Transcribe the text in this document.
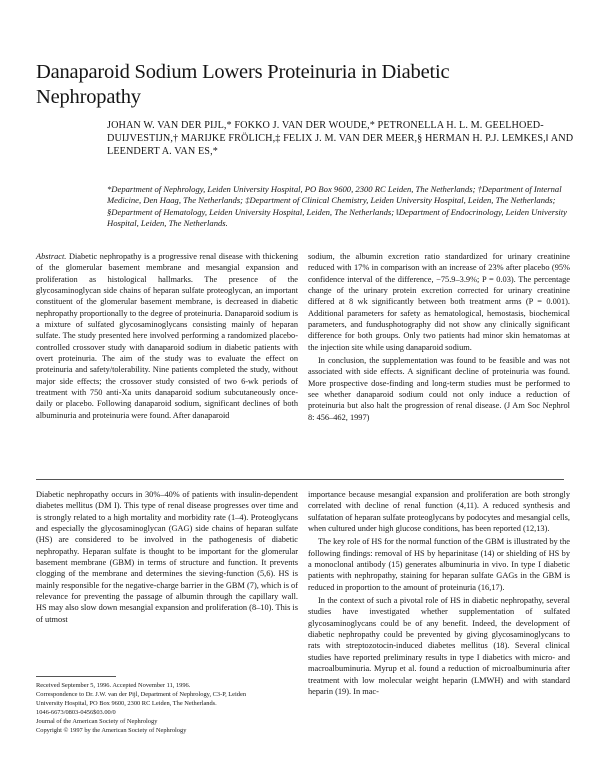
Danaparoid Sodium Lowers Proteinuria in Diabetic Nephropathy

JOHAN W. VAN DER PIJL,* FOKKO J. VAN DER WOUDE,* PETRONELLA H. L. M. GEELHOED-DUIJVESTIJN,† MARIJKE FRÖLICH,‡ FELIX J. M. VAN DER MEER,§ HERMAN H. P.J. LEMKES,‖ AND LEENDERT A. VAN ES,*

*Department of Nephrology, Leiden University Hospital, PO Box 9600, 2300 RC Leiden, The Netherlands; †Department of Internal Medicine, Den Haag, The Netherlands; ‡Department of Clinical Chemistry, Leiden University Hospital, Leiden, The Netherlands; §Department of Hematology, Leiden University Hospital, Leiden, The Netherlands; ‖Department of Endocrinology, Leiden University Hospital, Leiden, The Netherlands.

Abstract. Diabetic nephropathy is a progressive renal disease with thickening of the glomerular basement membrane and mesangial expansion and proliferation as histological hallmarks. The presence of the glycosaminoglycan side chains of heparan sulfate proteoglycan, an important constituent of the glomerular basement membrane, is decreased in diabetic nephropathy proportionally to the degree of proteinuria. Danaparoid sodium is a mixture of sulfated glycosaminoglycans consisting mainly of heparan sulfate. The study presented here involved performing a randomized placebo-controlled crossover study with danaparoid sodium in diabetic patients with overt proteinuria. The aim of the study was to evaluate the effect on proteinuria and safety/tolerability. Nine patients completed the study, without major side effects; the crossover study consisted of two 6-wk periods of treatment with 750 anti-Xa units danaparoid sodium subcutaneously once-daily or placebo. Following danaparoid sodium, significant declines of both albuminuria and proteinuria were found. After danaparoid

sodium, the albumin excretion ratio standardized for urinary creatinine reduced with 17% in comparison with an increase of 23% after placebo (95% confidence interval of the difference, −75.9–3.9%; P = 0.03). The percentage change of the urinary protein excretion corrected for urinary creatinine differed at 8 wk significantly between both treatment arms (P = 0.001). Additional parameters for safety as hematological, hemostasis, biochemical parameters, and fundusphotography did not show any clinically significant difference for both groups. Only two patients had minor skin hematomas at the injection site while using danaparoid sodium.

In conclusion, the supplementation was found to be feasible and was not associated with side effects. A significant decline of proteinuria was found. More prospective dose-finding and long-term studies must be performed to see whether danaparoid sodium could not only induce a reduction of proteinuria but also halt the progression of renal disease. (J Am Soc Nephrol 8: 456–462, 1997)

Diabetic nephropathy occurs in 30%–40% of patients with insulin-dependent diabetes mellitus (DM I). This type of renal disease progresses over time and is strongly related to a high mortality and morbidity rate (1–4). Proteoglycans and especially the glycosaminoglycan (GAG) side chains of heparan sulfate (HS) are considered to be involved in the pathogenesis of diabetic nephropathy. Heparan sulfate is thought to be important for the glomerular basement membrane (GBM) in terms of structure and function. It prevents clogging of the membrane and determines the sieving-function (5,6). HS is mainly responsible for the negative-charge barrier in the GBM (7), which is of relevance for preventing the passage of albumin through the capillary wall. HS may also slow down mesangial expansion and proliferation (8–10). This is of utmost

importance because mesangial expansion and proliferation are both strongly correlated with decline of renal function (4,11). A reduced synthesis and sulfatation of heparan sulfate proteoglycans by podocytes and mesangial cells, when cultured under high glucose conditions, has been reported (12,13).

The key role of HS for the normal function of the GBM is illustrated by the following findings: removal of HS by heparinitase (14) or shielding of HS by a monoclonal antibody (15) generates albuminuria in vivo. In type I diabetic patients with nephropathy, staining for heparan sulfate GAGs in the GBM is reduced in proportion to the amount of proteinuria (16,17).

In the context of such a pivotal role of HS in diabetic nephropathy, several studies have investigated whether supplementation of sulfated glycosaminoglycans could be of any benefit. Indeed, the development of diabetic nephropathy could be prevented by giving glycosaminoglycans to rats with streptozotocin-induced diabetes mellitus (18). Several clinical studies have reported preliminary results in type I diabetics with micro- and macroalbuminuria. Myrup et al. found a reduction of microalbuminuria after treatment with low molecular weight heparin (LMWH) and with standard heparin (19). In mac-

Received September 5, 1996. Accepted November 11, 1996.
Correspondence to Dr. J.W. van der Pijl, Department of Nephrology, C3-P, Leiden
University Hospital, PO Box 9600, 2300 RC Leiden, The Netherlands.
1046-6673/0803-0456$03.00/0
Journal of the American Society of Nephrology
Copyright © 1997 by the American Society of Nephrology
